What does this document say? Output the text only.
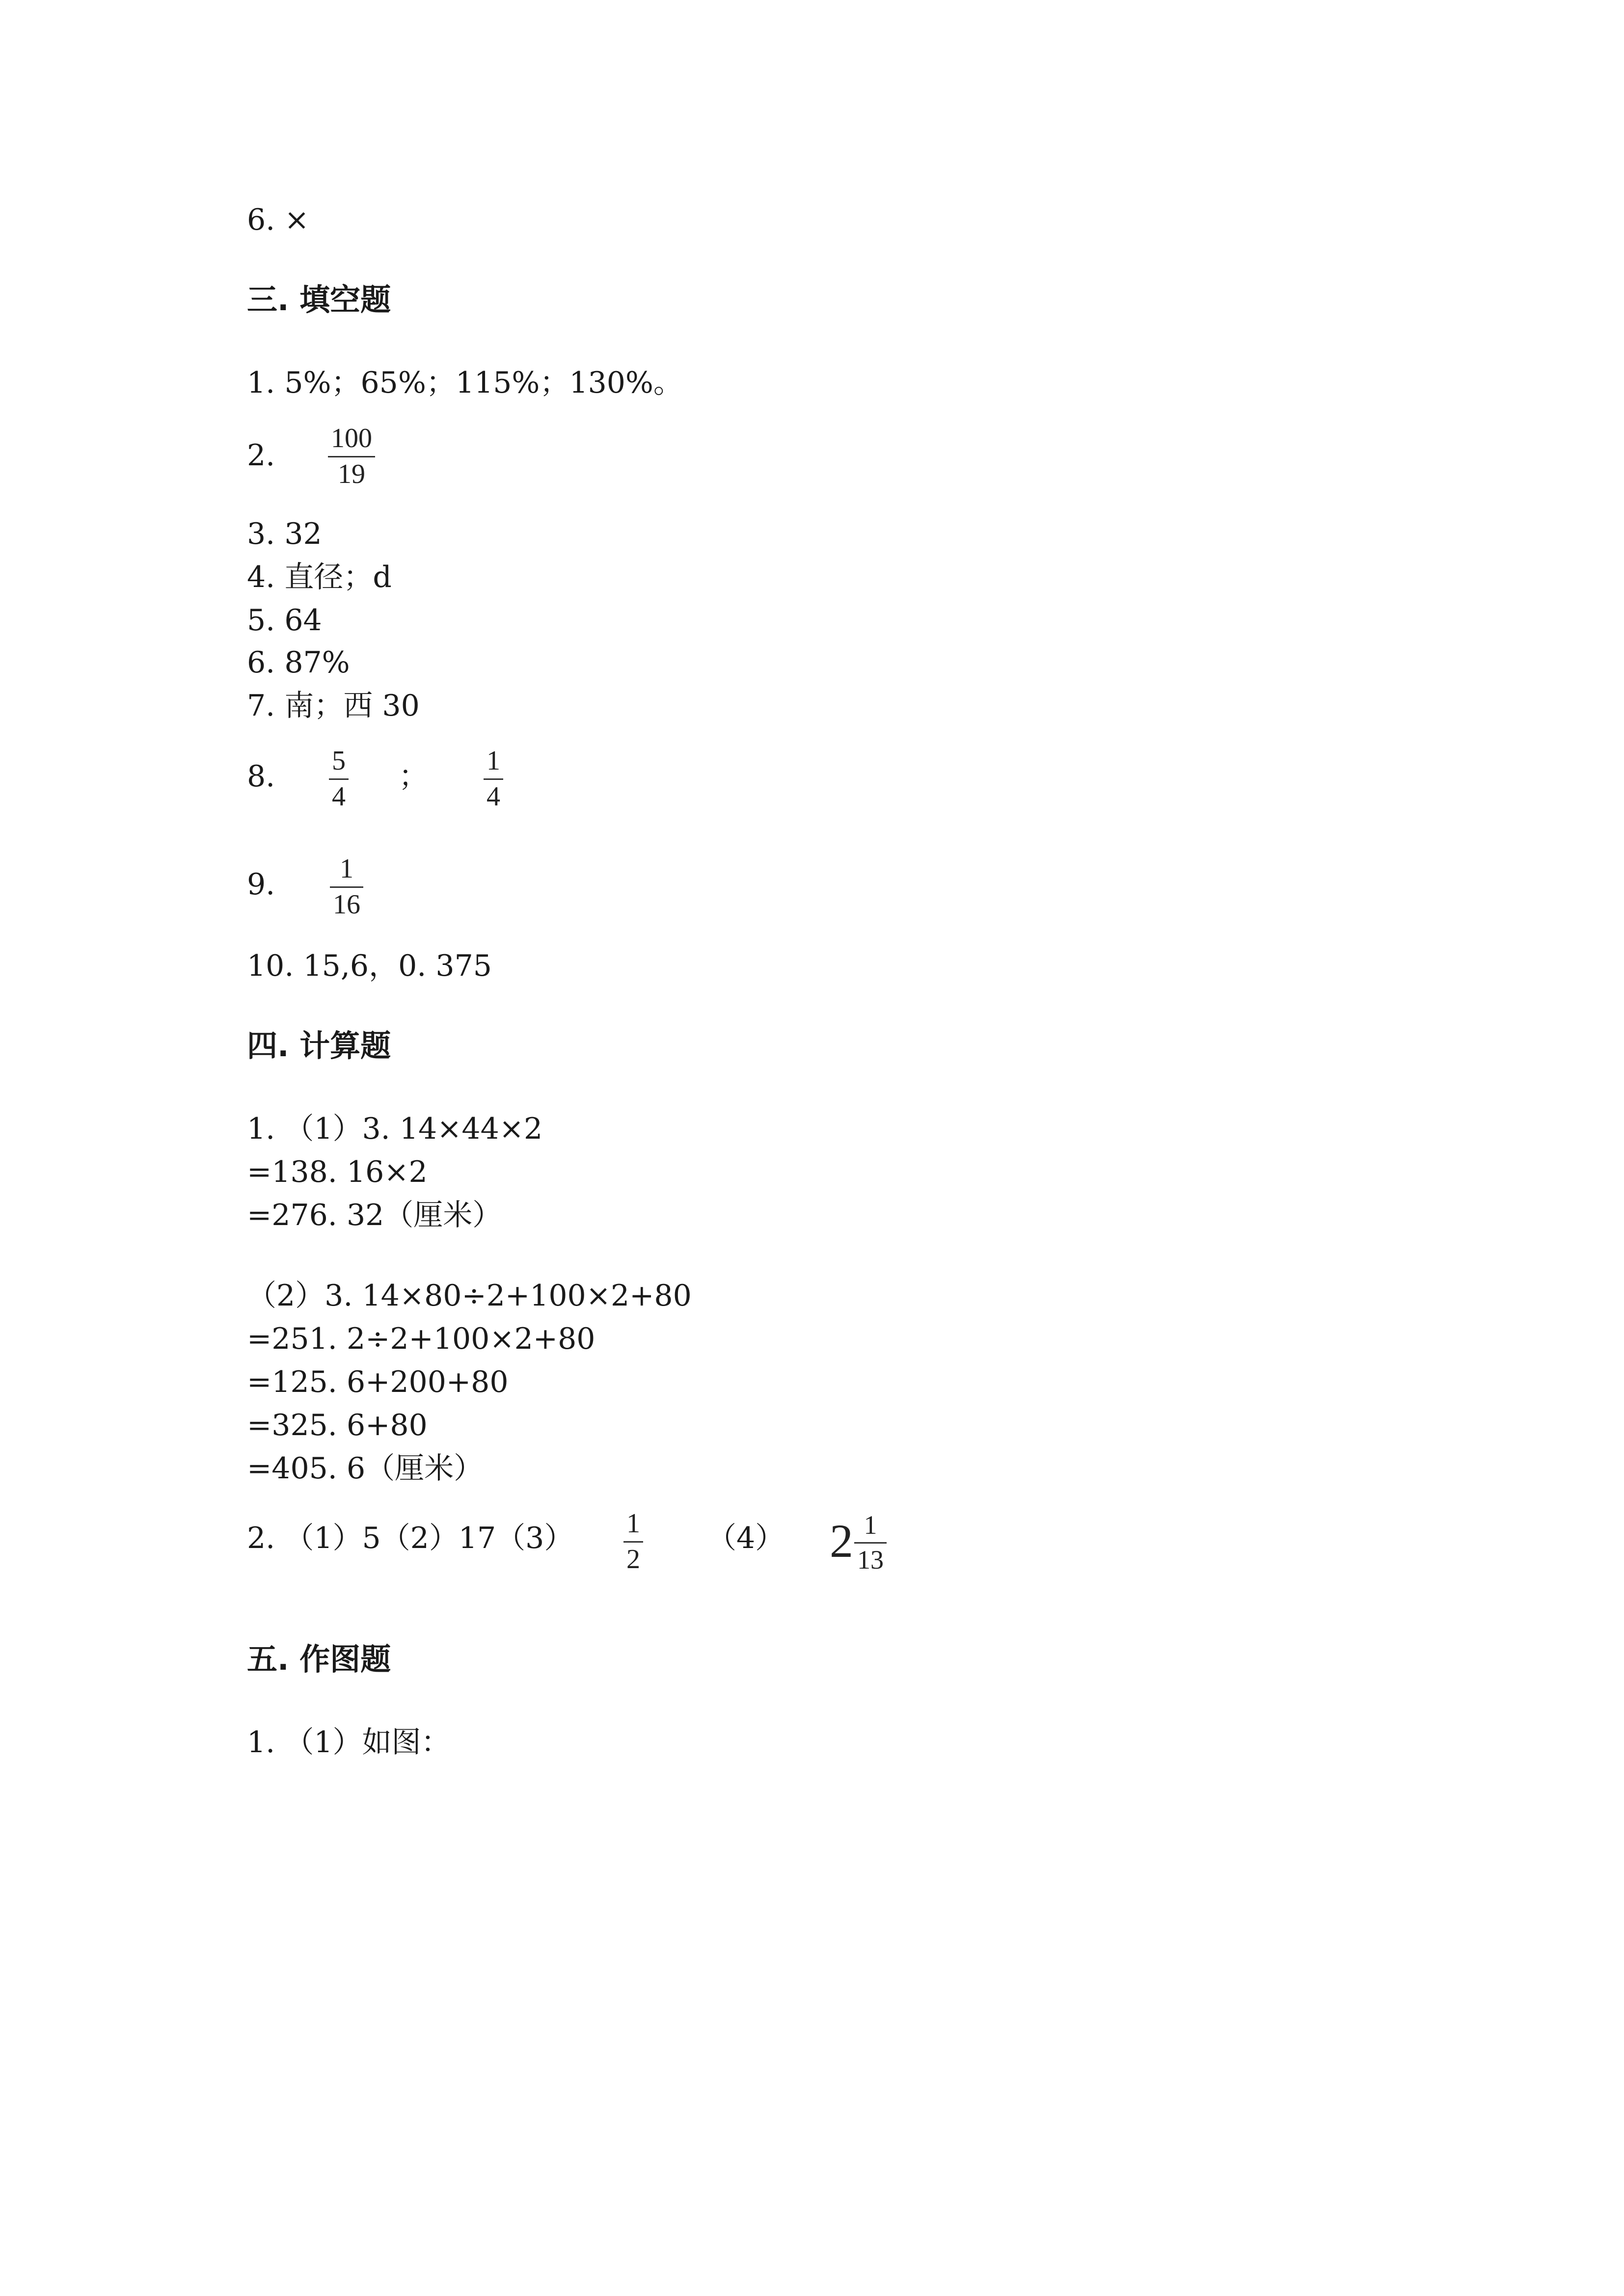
6. ×
三. 填空题
1. 5%；65%；115%；130%。
2. 100
19
3. 32
4. 直径；d
5. 64
6. 87%
7. 南；西 30
8. 5
4
； 1
4
9. 1
16
10. 15,6，0. 375
四. 计算题
1. （1）3. 14×44×2
=138. 16×2
=276. 32（厘米）
（2）3. 14×80÷2+100×2+80
=251. 2÷2+100×2+80
=125. 6+200+80
=325. 6+80
=405. 6（厘米）
2. （1）5（2）17（3） 1
2
（4） 2 1
13
五. 作图题
1. （1）如图：
